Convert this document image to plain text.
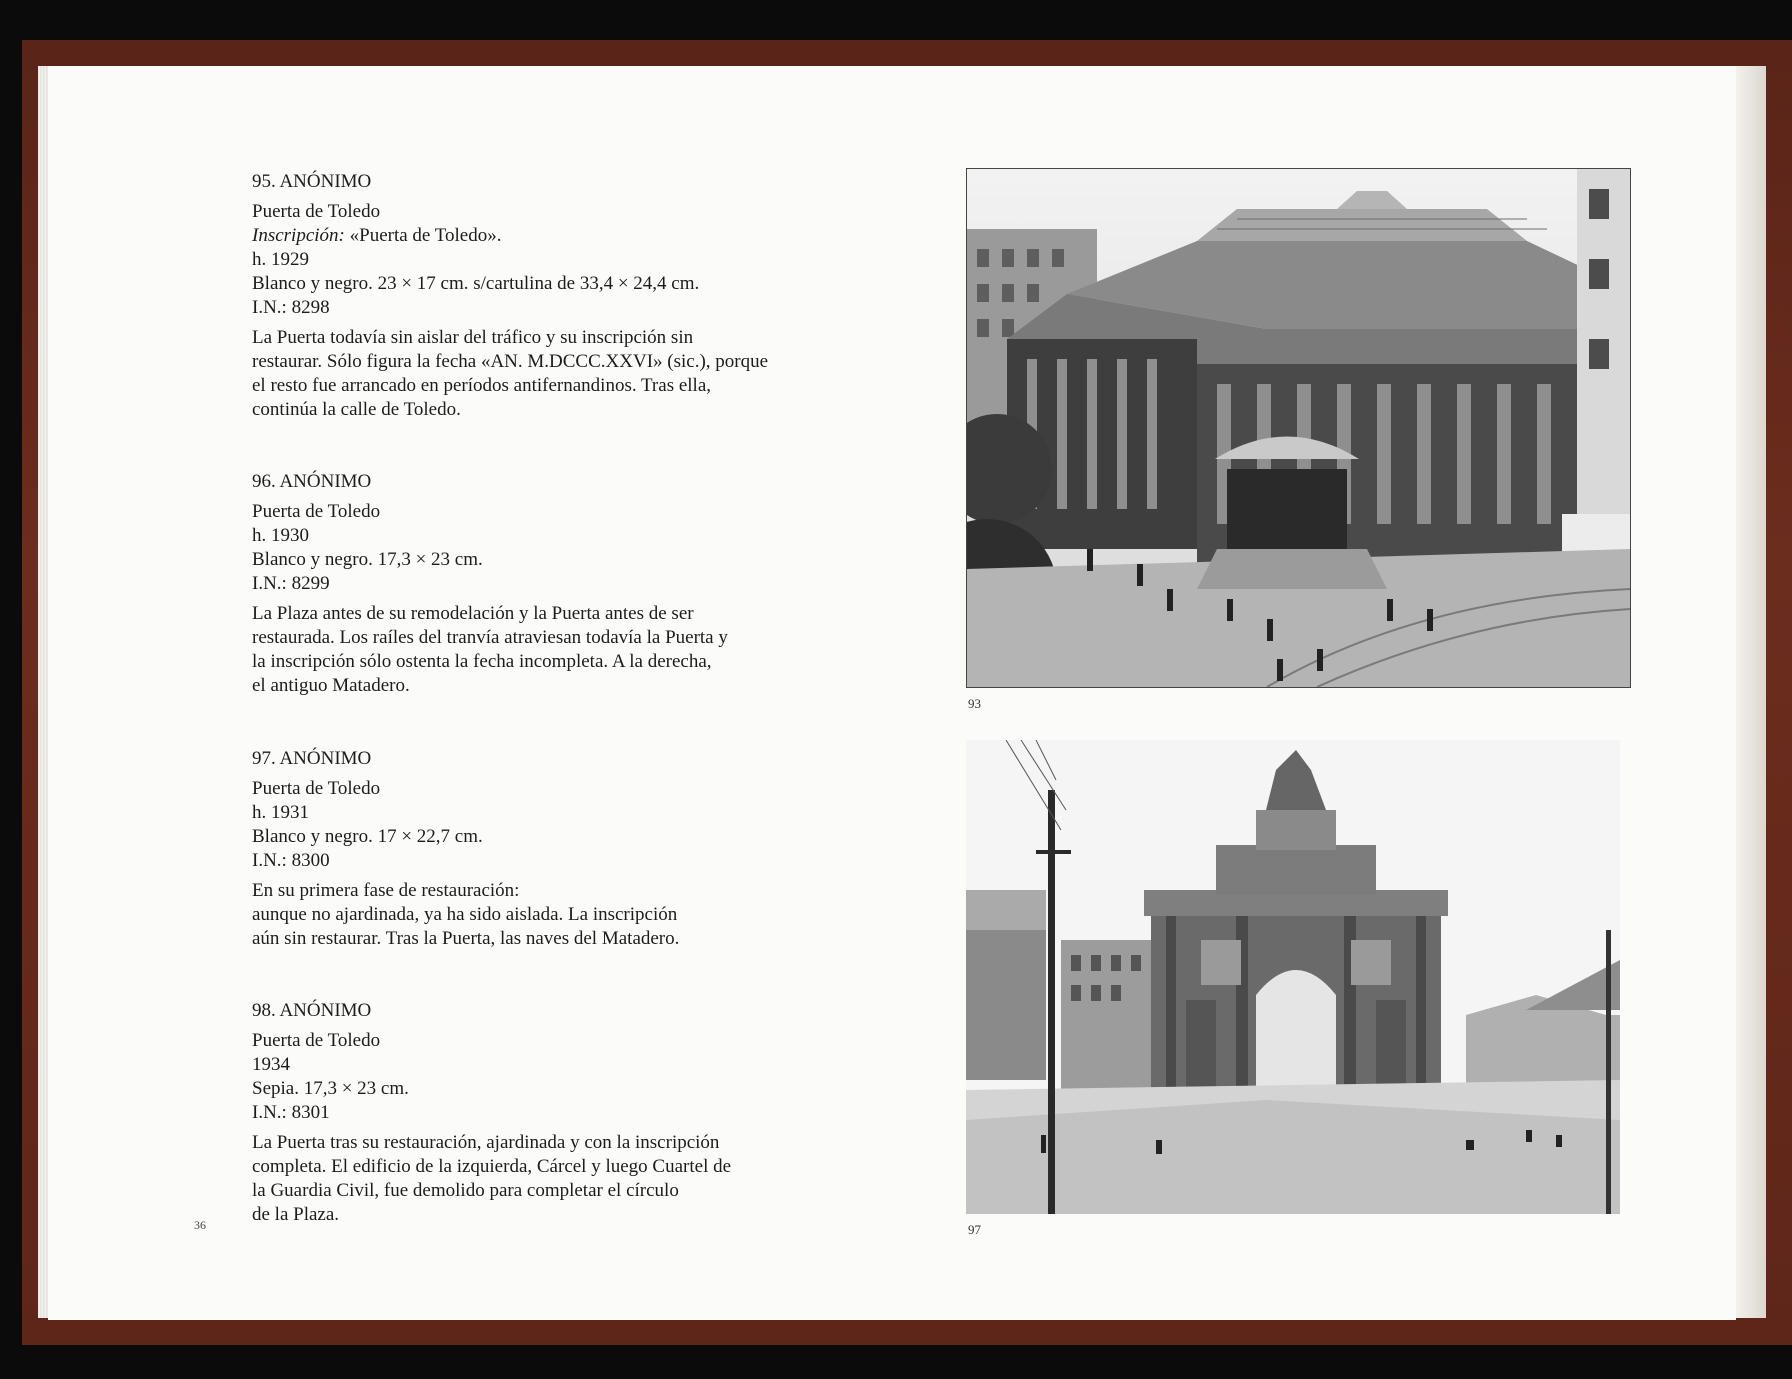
95. ANÓNIMO
Puerta de Toledo
Inscripción: «Puerta de Toledo».
h. 1929
Blanco y negro. 23 × 17 cm. s/cartulina de 33,4 × 24,4 cm.
I.N.: 8298
La Puerta todavía sin aislar del tráfico y su inscripción sin
restaurar. Sólo figura la fecha «AN. M.DCCC.XXVI» (sic.), porque
el resto fue arrancado en períodos antifernandinos. Tras ella,
continúa la calle de Toledo.
96. ANÓNIMO
Puerta de Toledo
h. 1930
Blanco y negro. 17,3 × 23 cm.
I.N.: 8299
La Plaza antes de su remodelación y la Puerta antes de ser
restaurada. Los raíles del tranvía atraviesan todavía la Puerta y
la inscripción sólo ostenta la fecha incompleta. A la derecha,
el antiguo Matadero.
97. ANÓNIMO
Puerta de Toledo
h. 1931
Blanco y negro. 17 × 22,7 cm.
I.N.: 8300
En su primera fase de restauración:
aunque no ajardinada, ya ha sido aislada. La inscripción
aún sin restaurar. Tras la Puerta, las naves del Matadero.
98. ANÓNIMO
Puerta de Toledo
1934
Sepia. 17,3 × 23 cm.
I.N.: 8301
La Puerta tras su restauración, ajardinada y con la inscripción
completa. El edificio de la izquierda, Cárcel y luego Cuartel de
la Guardia Civil, fue demolido para completar el círculo
de la Plaza.
93
97
36
